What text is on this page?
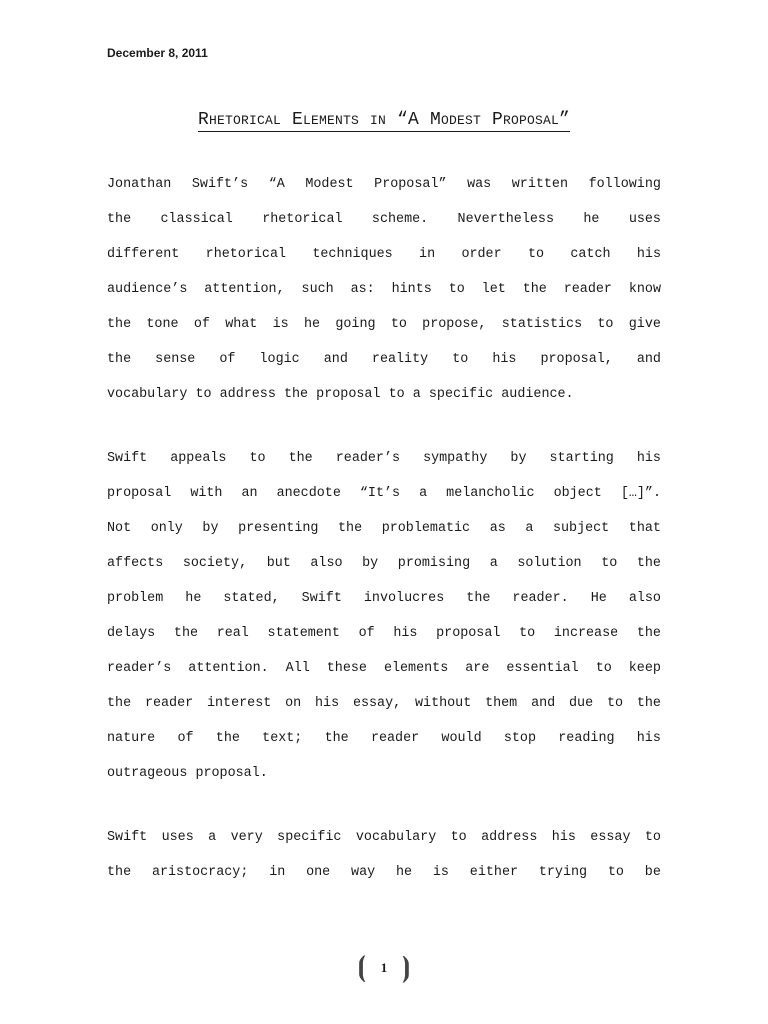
December 8, 2011
Rhetorical Elements in “A Modest Proposal”
Jonathan Swift’s “A Modest Proposal” was written following
the classical rhetorical scheme. Nevertheless he uses
different rhetorical techniques in order to catch his
audience’s attention, such as: hints to let the reader know
the tone of what is he going to propose, statistics to give
the sense of logic and reality to his proposal, and
vocabulary to address the proposal to a specific audience.
Swift appeals to the reader’s sympathy by starting his
proposal with an anecdote “It’s a melancholic object […]”.
Not only by presenting the problematic as a subject that
affects society, but also by promising a solution to the
problem he stated, Swift involucres the reader. He also
delays the real statement of his proposal to increase the
reader’s attention. All these elements are essential to keep
the reader interest on his essay, without them and due to the
nature of the text; the reader would stop reading his
outrageous proposal.
Swift uses a very specific vocabulary to address his essay to
the aristocracy; in one way he is either trying to be
⦗ 1 ⦘
